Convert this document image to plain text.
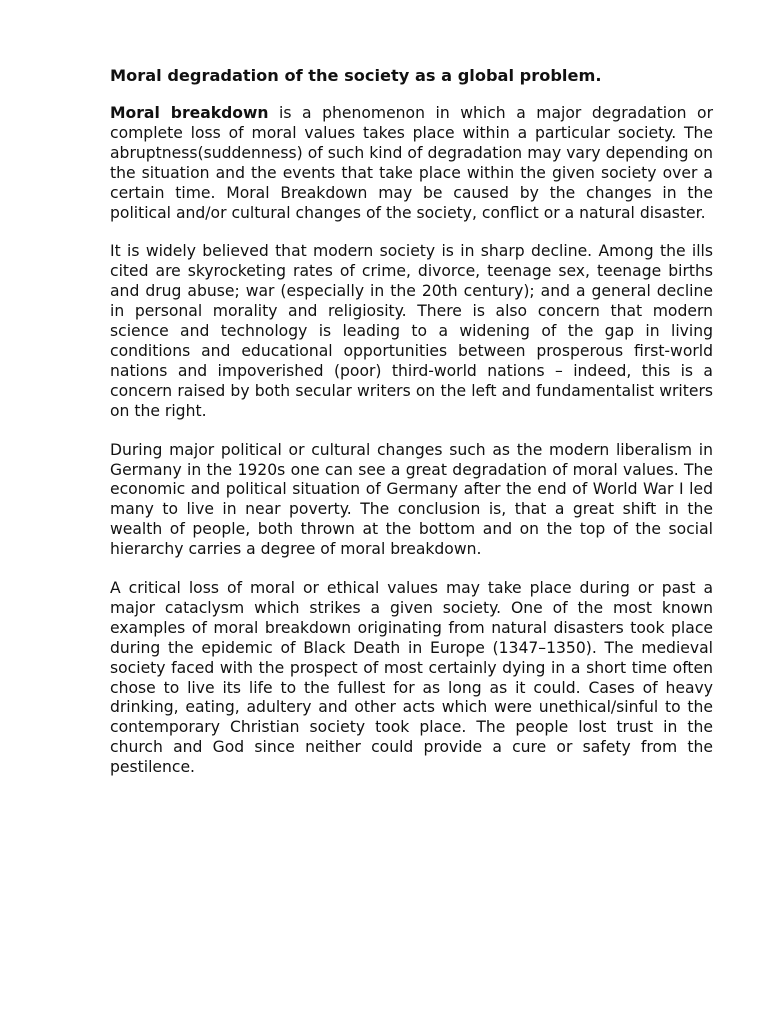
Moral degradation of the society as a global problem.

Moral breakdown is a phenomenon in which a major degradation or complete loss of moral values takes place within a particular society. The abruptness(suddenness) of such kind of degradation may vary depending on the situation and the events that take place within the given society over a certain time. Moral Breakdown may be caused by the changes in the political and/or cultural changes of the society, conflict or a natural disaster.

It is widely believed that modern society is in sharp decline. Among the ills cited are skyrocketing rates of crime, divorce, teenage sex, teenage births and drug abuse; war (especially in the 20th century); and a general decline in personal morality and religiosity. There is also concern that modern science and technology is leading to a widening of the gap in living conditions and educational opportunities between prosperous first-world nations and impoverished (poor) third-world nations – indeed, this is a concern raised by both secular writers on the left and fundamentalist writers on the right.

During major political or cultural changes such as the modern liberalism in Germany in the 1920s one can see a great degradation of moral values. The economic and political situation of Germany after the end of World War I led many to live in near poverty. The conclusion is, that a great shift in the wealth of people, both thrown at the bottom and on the top of the social hierarchy carries a degree of moral breakdown.

A critical loss of moral or ethical values may take place during or past a major cataclysm which strikes a given society. One of the most known examples of moral breakdown originating from natural disasters took place during the epidemic of Black Death in Europe (1347–1350). The medieval society faced with the prospect of most certainly dying in a short time often chose to live its life to the fullest for as long as it could. Cases of heavy drinking, eating, adultery and other acts which were unethical/sinful to the contemporary Christian society took place. The people lost trust in the church and God since neither could provide a cure or safety from the pestilence.
